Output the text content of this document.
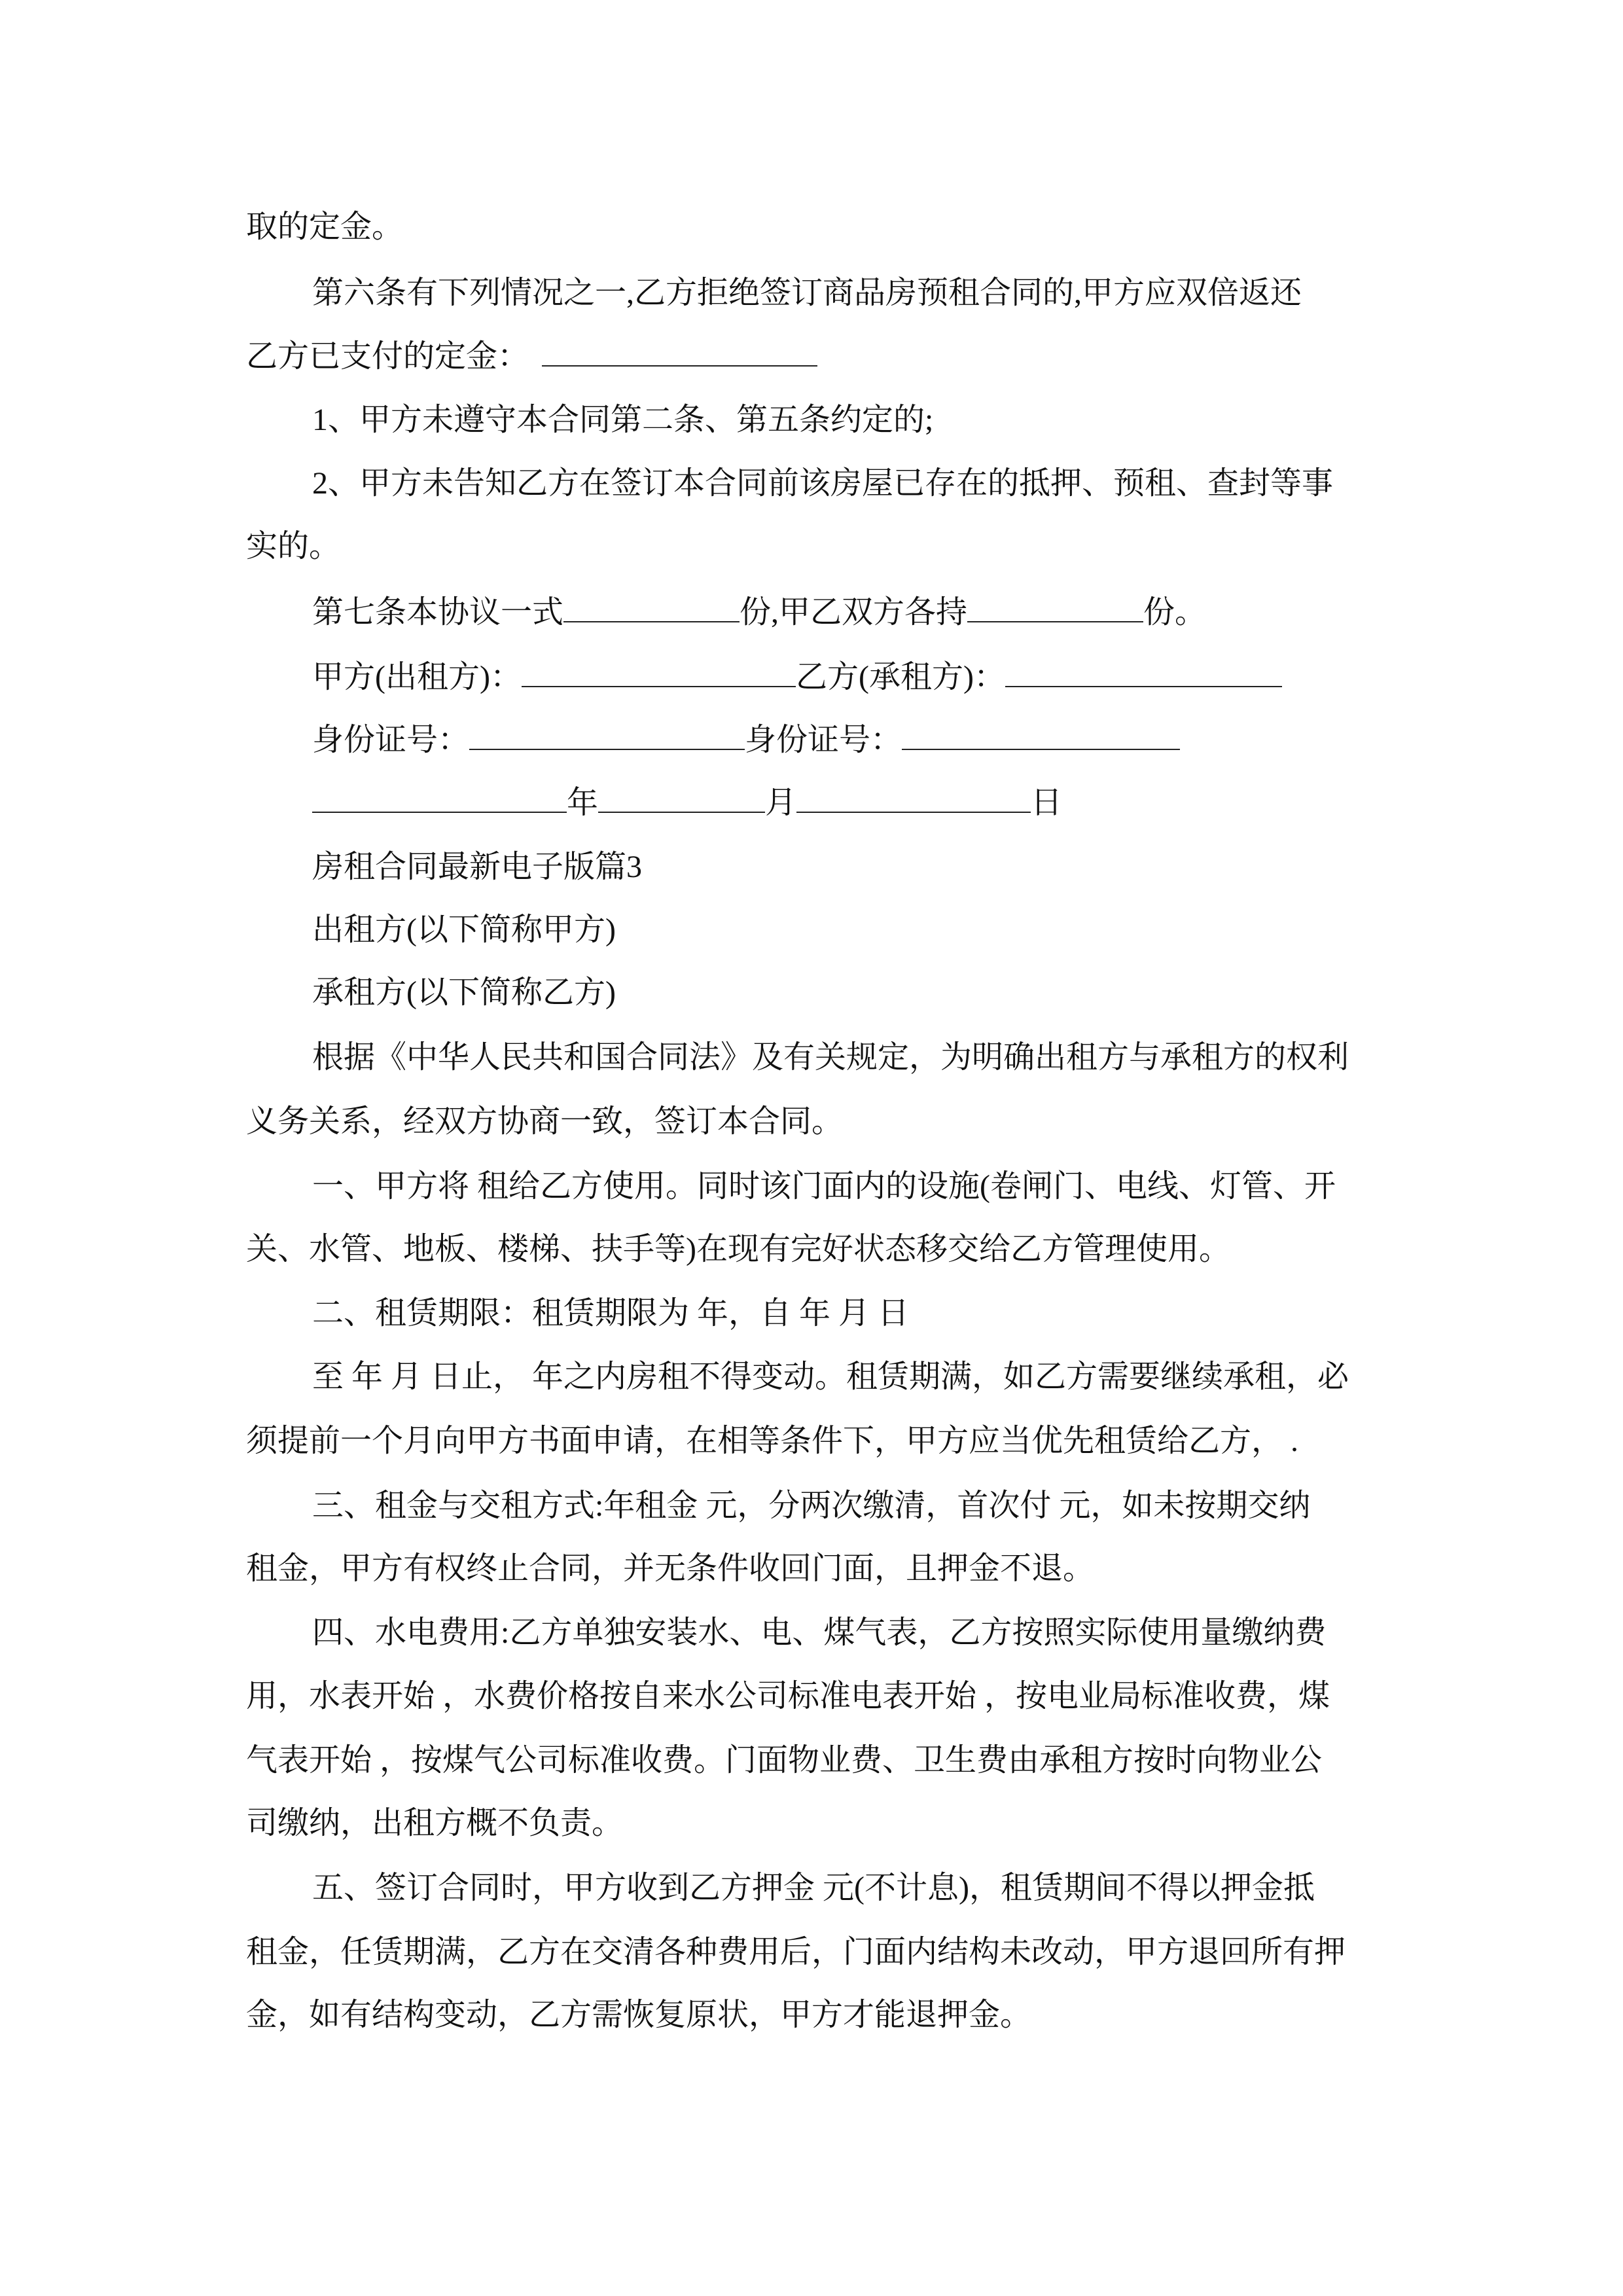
取的定金。
第六条有下列情况之一,乙方拒绝签订商品房预租合同的,甲方应双倍返还
乙方已支付的定金：
1、甲方未遵守本合同第二条、第五条约定的;
2、甲方未告知乙方在签订本合同前该房屋已存在的抵押、预租、查封等事
实的。
第七条本协议一式	份,甲乙双方各持	份。
甲方(出租方)：	乙方(承租方)：
身份证号：	身份证号：
年	月	日
房租合同最新电子版篇3
出租方(以下简称甲方)
承租方(以下简称乙方)
根据《中华人民共和国合同法》及有关规定，为明确出租方与承租方的权利
义务关系，经双方协商一致，签订本合同。
一、甲方将 租给乙方使用。同时该门面内的设施(卷闸门、电线、灯管、开
关、水管、地板、楼梯、扶手等)在现有完好状态移交给乙方管理使用。
二、租赁期限：租赁期限为 年，自 年 月 日
至 年 月 日止， 年之内房租不得变动。租赁期满，如乙方需要继续承租，必
须提前一个月向甲方书面申请，在相等条件下，甲方应当优先租赁给乙方， .
三、租金与交租方式:年租金 元，分两次缴清，首次付 元，如未按期交纳
租金，甲方有权终止合同，并无条件收回门面，且押金不退。
四、水电费用:乙方单独安装水、电、煤气表，乙方按照实际使用量缴纳费
用，水表开始 ，水费价格按自来水公司标准电表开始 ，按电业局标准收费，煤
气表开始 ，按煤气公司标准收费。门面物业费、卫生费由承租方按时向物业公
司缴纳，出租方概不负责。
五、签订合同时，甲方收到乙方押金 元(不计息)，租赁期间不得以押金抵
租金，任赁期满，乙方在交清各种费用后，门面内结构未改动，甲方退回所有押
金，如有结构变动，乙方需恢复原状，甲方才能退押金。
